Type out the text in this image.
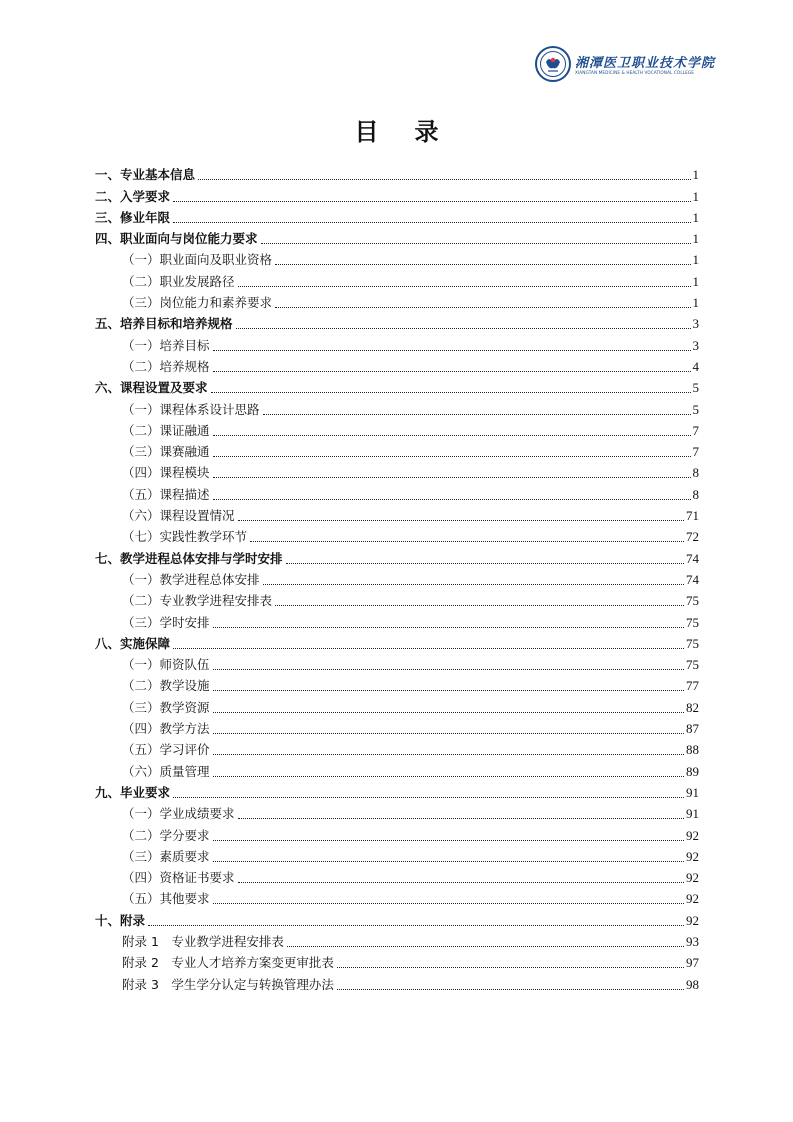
湘潭医卫职业技术学院
XIANGTAN MEDICINE & HEALTH VOCATIONAL COLLEGE
目录
一、专业基本信息	1
二、入学要求	1
三、修业年限	1
四、职业面向与岗位能力要求	1
（一）职业面向及职业资格	1
（二）职业发展路径	1
（三）岗位能力和素养要求	1
五、培养目标和培养规格	3
（一）培养目标	3
（二）培养规格	4
六、课程设置及要求	5
（一）课程体系设计思路	5
（二）课证融通	7
（三）课赛融通	7
（四）课程模块	8
（五）课程描述	8
（六）课程设置情况	71
（七）实践性教学环节	72
七、教学进程总体安排与学时安排	74
（一）教学进程总体安排	74
（二）专业教学进程安排表	75
（三）学时安排	75
八、实施保障	75
（一）师资队伍	75
（二）教学设施	77
（三）教学资源	82
（四）教学方法	87
（五）学习评价	88
（六）质量管理	89
九、毕业要求	91
（一）学业成绩要求	91
（二）学分要求	92
（三）素质要求	92
（四）资格证书要求	92
（五）其他要求	92
十、附录	92
附录 1　专业教学进程安排表	93
附录 2　专业人才培养方案变更审批表	97
附录 3　学生学分认定与转换管理办法	98
